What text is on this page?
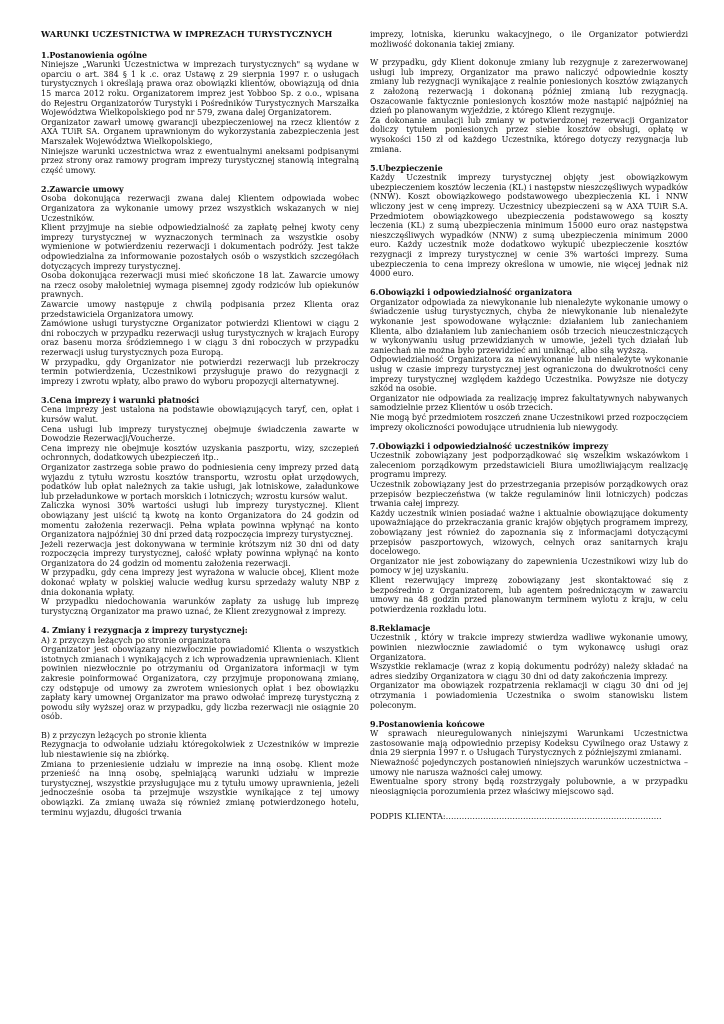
WARUNKI UCZESTNICTWA W IMPREZACH TURYSTYCZNYCH
1.Postanowienia ogólne
Niniejsze „Warunki Uczestnictwa w imprezach turystycznych" są wydane w oparciu o art. 384 § 1 k .c. oraz Ustawę z 29 sierpnia 1997 r. o usługach turystycznych i określają prawa oraz obowiązki klientów, obowiązują od dnia 15 marca 2012 roku. Organizatorem imprez jest Yobboo Sp. z o.o., wpisana do Rejestru Organizatorów Turystyki i Pośredników Turystycznych Marszałka Województwa Wielkopolskiego pod nr 579, zwana dalej Organizatorem.
Organizator zawarł umowę gwarancji ubezpieczeniowej na rzecz klientów z AXA TUiR SA. Organem uprawnionym do wykorzystania zabezpieczenia jest Marszałek Województwa Wielkopolskiego,
Niniejsze warunki uczestnictwa wraz z ewentualnymi aneksami podpisanymi przez strony oraz ramowy program imprezy turystycznej stanowią integralną część umowy.
2.Zawarcie umowy
Osoba dokonująca rezerwacji zwana dalej Klientem odpowiada wobec Organizatora za wykonanie umowy przez wszystkich wskazanych w niej Uczestników.
Klient przyjmuje na siebie odpowiedzialność za zapłatę pełnej kwoty ceny imprezy turystycznej w wyznaczonych terminach za wszystkie osoby wymienione w potwierdzeniu rezerwacji i dokumentach podróży. Jest także odpowiedzialna za informowanie pozostałych osób o wszystkich szczegółach dotyczących imprezy turystycznej.
Osoba dokonująca rezerwacji musi mieć skończone 18 lat. Zawarcie umowy na rzecz osoby małoletniej wymaga pisemnej zgody rodziców lub opiekunów prawnych.
Zawarcie umowy następuje z chwilą podpisania przez Klienta oraz przedstawiciela Organizatora umowy.
Zamówione usługi turystyczne Organizator potwierdzi Klientowi w ciągu 2 dni roboczych w przypadku rezerwacji usług turystycznych w krajach Europy oraz basenu morza śródziemnego i w ciągu 3 dni roboczych w przypadku rezerwacji usług turystycznych poza Europą.
W przypadku, gdy Organizator nie potwierdzi rezerwacji lub przekroczy termin potwierdzenia, Uczestnikowi przysługuje prawo do rezygnacji z imprezy i zwrotu wpłaty, albo prawo do wyboru propozycji alternatywnej.
3.Cena imprezy i warunki płatności
Cena imprezy jest ustalona na podstawie obowiązujących taryf, cen, opłat i kursów walut.
Cena usługi lub imprezy turystycznej obejmuje świadczenia zawarte w Dowodzie Rezerwacji/Voucherze.
Cena imprezy nie obejmuje kosztów uzyskania paszportu, wizy, szczepień ochronnych, dodatkowych ubezpieczeń itp..
Organizator zastrzega sobie prawo do podniesienia ceny imprezy przed datą wyjazdu z tytułu wzrostu kosztów transportu, wzrostu opłat urzędowych, podatków lub opłat należnych za takie usługi, jak lotniskowe, załadunkowe lub przeładunkowe w portach morskich i lotniczych; wzrostu kursów walut.
Zaliczka wynosi 30% wartości usługi lub imprezy turystycznej. Klient obowiązany jest uiścić tą kwotę na konto Organizatora do 24 godzin od momentu założenia rezerwacji. Pełna wpłata powinna wpłynąć na konto Organizatora najpóźniej 30 dni przed datą rozpoczęcia imprezy turystycznej.
Jeżeli rezerwacja jest dokonywana w terminie krótszym niż 30 dni od daty rozpoczęcia imprezy turystycznej, całość wpłaty powinna wpłynąć na konto Organizatora do 24 godzin od momentu założenia rezerwacji.
W przypadku, gdy cena imprezy jest wyrażona w walucie obcej, Klient może dokonać wpłaty w polskiej walucie według kursu sprzedaży waluty NBP z dnia dokonania wpłaty.
W przypadku niedochowania warunków zapłaty za usługę lub imprezę turystyczną Organizator ma prawo uznać, że Klient zrezygnował z imprezy.
4. Zmiany i rezygnacja z imprezy turystycznej:
A) z przyczyn leżących po stronie organizatora
Organizator jest obowiązany niezwłocznie powiadomić Klienta o wszystkich istotnych zmianach i wynikających z ich wprowadzenia uprawnieniach. Klient powinien niezwłocznie po otrzymaniu od Organizatora informacji w tym zakresie poinformować Organizatora, czy przyjmuje proponowaną zmianę, czy odstępuje od umowy za zwrotem wniesionych opłat i bez obowiązku zapłaty kary umownej Organizator ma prawo odwołać imprezę turystyczną z powodu siły wyższej oraz w przypadku, gdy liczba rezerwacji nie osiągnie 20 osób.
B) z przyczyn leżących po stronie klienta
Rezygnacja to odwołanie udziału któregokolwiek z Uczestników w imprezie lub niestawienie się na zbiórkę.
Zmiana to przeniesienie udziału w imprezie na inną osobę. Klient może przenieść na inną osobę, spełniającą warunki udziału w imprezie turystycznej, wszystkie przysługujące mu z tytułu umowy uprawnienia, jeżeli jednocześnie osoba ta przejmuje wszystkie wynikające z tej umowy obowiązki. Za zmianę uważa się również zmianę potwierdzonego hotelu, terminu wyjazdu, długości trwania
imprezy, lotniska, kierunku wakacyjnego, o ile Organizator potwierdzi możliwość dokonania takiej zmiany.
W przypadku, gdy Klient dokonuje zmiany lub rezygnuje z zarezerwowanej usługi lub imprezy, Organizator ma prawo naliczyć odpowiednie koszty zmiany lub rezygnacji wynikające z realnie poniesionych kosztów związanych z założoną rezerwacją i dokonaną później zmianą lub rezygnacją. Oszacowanie faktycznie poniesionych kosztów może nastąpić najpóźniej na dzień po planowanym wyjeździe, z którego Klient rezygnuje.
Za dokonanie anulacji lub zmiany w potwierdzonej rezerwacji Organizator doliczy tytułem poniesionych przez siebie kosztów obsługi, opłatę w wysokości 150 zł od każdego Uczestnika, którego dotyczy rezygnacja lub zmiana.
5.Ubezpieczenie
Każdy Uczestnik imprezy turystycznej objęty jest obowiązkowym ubezpieczeniem kosztów leczenia (KL) i następstw nieszczęśliwych wypadków (NNW). Koszt obowiązkowego podstawowego ubezpieczenia KL i NNW wliczony jest w cenę imprezy. Uczestnicy ubezpieczeni są w AXA TUiR S.A. Przedmiotem obowiązkowego ubezpieczenia podstawowego są koszty leczenia (KL) z sumą ubezpieczenia minimum 15000 euro oraz następstwa nieszczęśliwych wypadków (NNW) z sumą ubezpieczenia minimum 2000 euro. Każdy uczestnik może dodatkowo wykupić ubezpieczenie kosztów rezygnacji z imprezy turystycznej w cenie 3% wartości imprezy. Suma ubezpieczenia to cena imprezy określona w umowie, nie więcej jednak niż 4000 euro.
6.Obowiązki i odpowiedzialność organizatora
Organizator odpowiada za niewykonanie lub nienależyte wykonanie umowy o świadczenie usług turystycznych, chyba że niewykonanie lub nienależyte wykonanie jest spowodowane wyłącznie: działaniem lub zaniechaniem Klienta, albo działaniem lub zaniechaniem osób trzecich nieuczestniczących w wykonywaniu usług przewidzianych w umowie, jeżeli tych działań lub zaniechań nie można było przewidzieć ani uniknąć, albo siłą wyższą.
Odpowiedzialność Organizatora za niewykonanie lub nienależyte wykonanie usług w czasie imprezy turystycznej jest ograniczona do dwukrotności ceny imprezy turystycznej względem każdego Uczestnika. Powyższe nie dotyczy szkód na osobie.
Organizator nie odpowiada za realizację imprez fakultatywnych nabywanych samodzielnie przez Klientów u osób trzecich.
Nie mogą być przedmiotem roszczeń znane Uczestnikowi przed rozpoczęciem imprezy okoliczności powodujące utrudnienia lub niewygody.
7.Obowiązki i odpowiedzialność uczestników imprezy
Uczestnik zobowiązany jest podporządkować się wszelkim wskazówkom i zaleceniom porządkowym przedstawicieli Biura umożliwiającym realizację programu imprezy.
Uczestnik zobowiązany jest do przestrzegania przepisów porządkowych oraz przepisów bezpieczeństwa (w także regulaminów linii lotniczych) podczas trwania całej imprezy.
Każdy uczestnik winien posiadać ważne i aktualnie obowiązujące dokumenty upoważniające do przekraczania granic krajów objętych programem imprezy, zobowiązany jest również do zapoznania się z informacjami dotyczącymi przepisów paszportowych, wizowych, celnych oraz sanitarnych kraju docelowego.
Organizator nie jest zobowiązany do zapewnienia Uczestnikowi wizy lub do pomocy w jej uzyskaniu.
Klient rezerwujący imprezę zobowiązany jest skontaktować się z bezpośrednio z Organizatorem, lub agentem pośredniczącym w zawarciu umowy na 48 godzin przed planowanym terminem wylotu z kraju, w celu potwierdzenia rozkładu lotu.
8.Reklamacje
Uczestnik , który w trakcie imprezy stwierdza wadliwe wykonanie umowy, powinien niezwłocznie zawiadomić o tym wykonawcę usługi oraz Organizatora.
Wszystkie reklamacje (wraz z kopią dokumentu podróży) należy składać na adres siedziby Organizatora w ciągu 30 dni od daty zakończenia imprezy.
Organizator ma obowiązek rozpatrzenia reklamacji w ciągu 30 dni od jej otrzymania i powiadomienia Uczestnika o swoim stanowisku listem poleconym.
9.Postanowienia końcowe
W sprawach nieuregulowanych niniejszymi Warunkami Uczestnictwa zastosowanie mają odpowiednio przepisy Kodeksu Cywilnego oraz Ustawy z dnia 29 sierpnia 1997 r. o Usługach Turystycznych z późniejszymi zmianami.
Nieważność pojedynczych postanowień niniejszych warunków uczestnictwa – umowy nie narusza ważności całej umowy.
Ewentualne spory strony będą rozstrzygały polubownie, a w przypadku nieosiągnięcia porozumienia przez właściwy miejscowo sąd.
PODPIS KLIENTA:………………………………………………………………………
